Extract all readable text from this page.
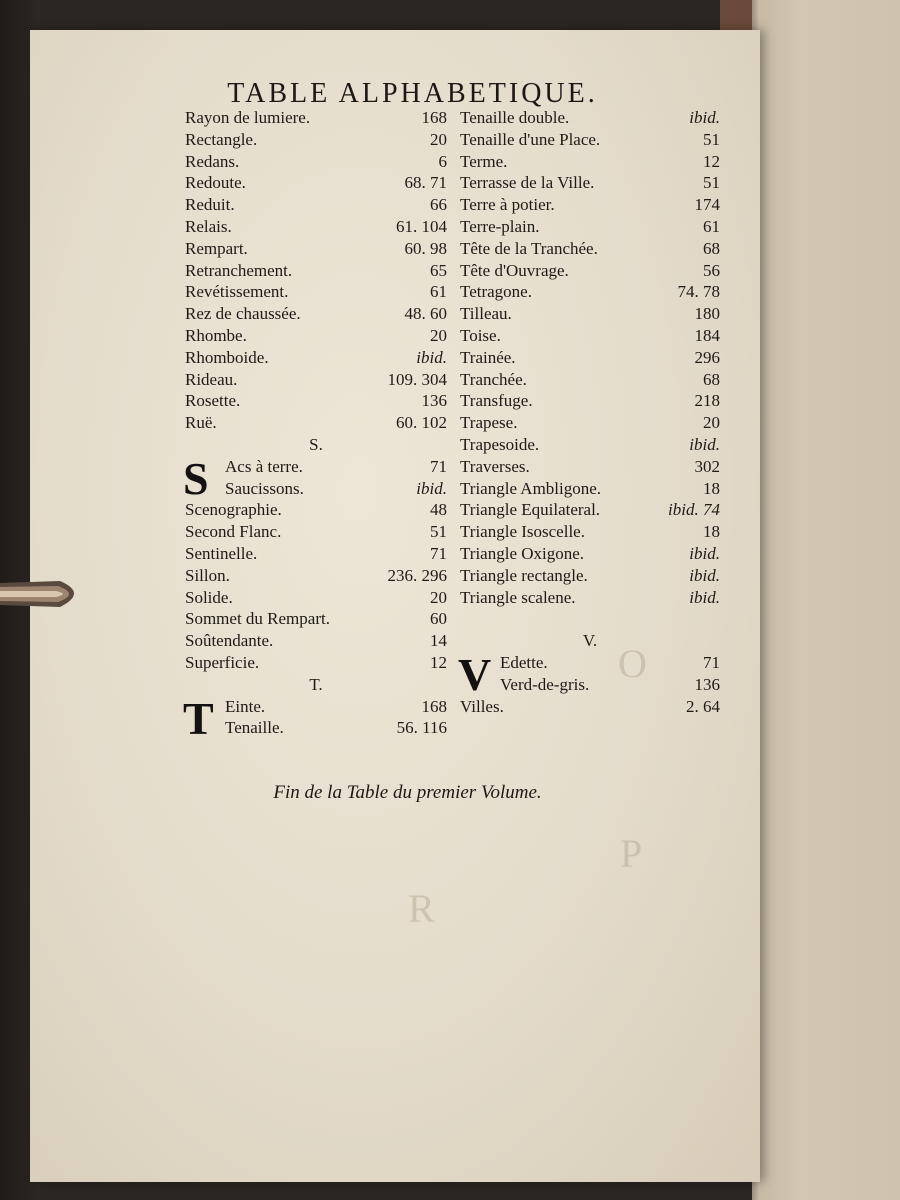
O
P
R
TABLE ALPHABETIQUE.
Rayon de lumiere.	168
Rectangle.	20
Redans.	6
Redoute.	68. 71
Reduit.	66
Relais.	61. 104
Rempart.	60. 98
Retranchement.	65
Revétissement.	61
Rez de chaussée.	48. 60
Rhombe.	20
Rhomboide.	ibid.
Rideau.	109. 304
Rosette.	136
Ruë.	60. 102
S.
S Acs à terre.	71
Saucissons.	ibid.
Scenographie.	48
Second Flanc.	51
Sentinelle.	71
Sillon.	236. 296
Solide.	20
Sommet du Rempart.	60
Soûtendante.	14
Superficie.	12
T.
T Einte.	168
Tenaille.	56. 116
Tenaille double.	ibid.
Tenaille d'une Place.	51
Terme.	12
Terrasse de la Ville.	51
Terre à potier.	174
Terre-plain.	61
Tête de la Tranchée.	68
Tête d'Ouvrage.	56
Tetragone.	74. 78
Tilleau.	180
Toise.	184
Trainée.	296
Tranchée.	68
Transfuge.	218
Trapese.	20
Trapesoide.	ibid.
Traverses.	302
Triangle Ambligone.	18
Triangle Equilateral.	ibid. 74
Triangle Isoscelle.	18
Triangle Oxigone.	ibid.
Triangle rectangle.	ibid.
Triangle scalene.	ibid.
V.
V Edette.	71
Verd-de-gris.	136
Villes.	2. 64
Fin de la Table du premier Volume.
